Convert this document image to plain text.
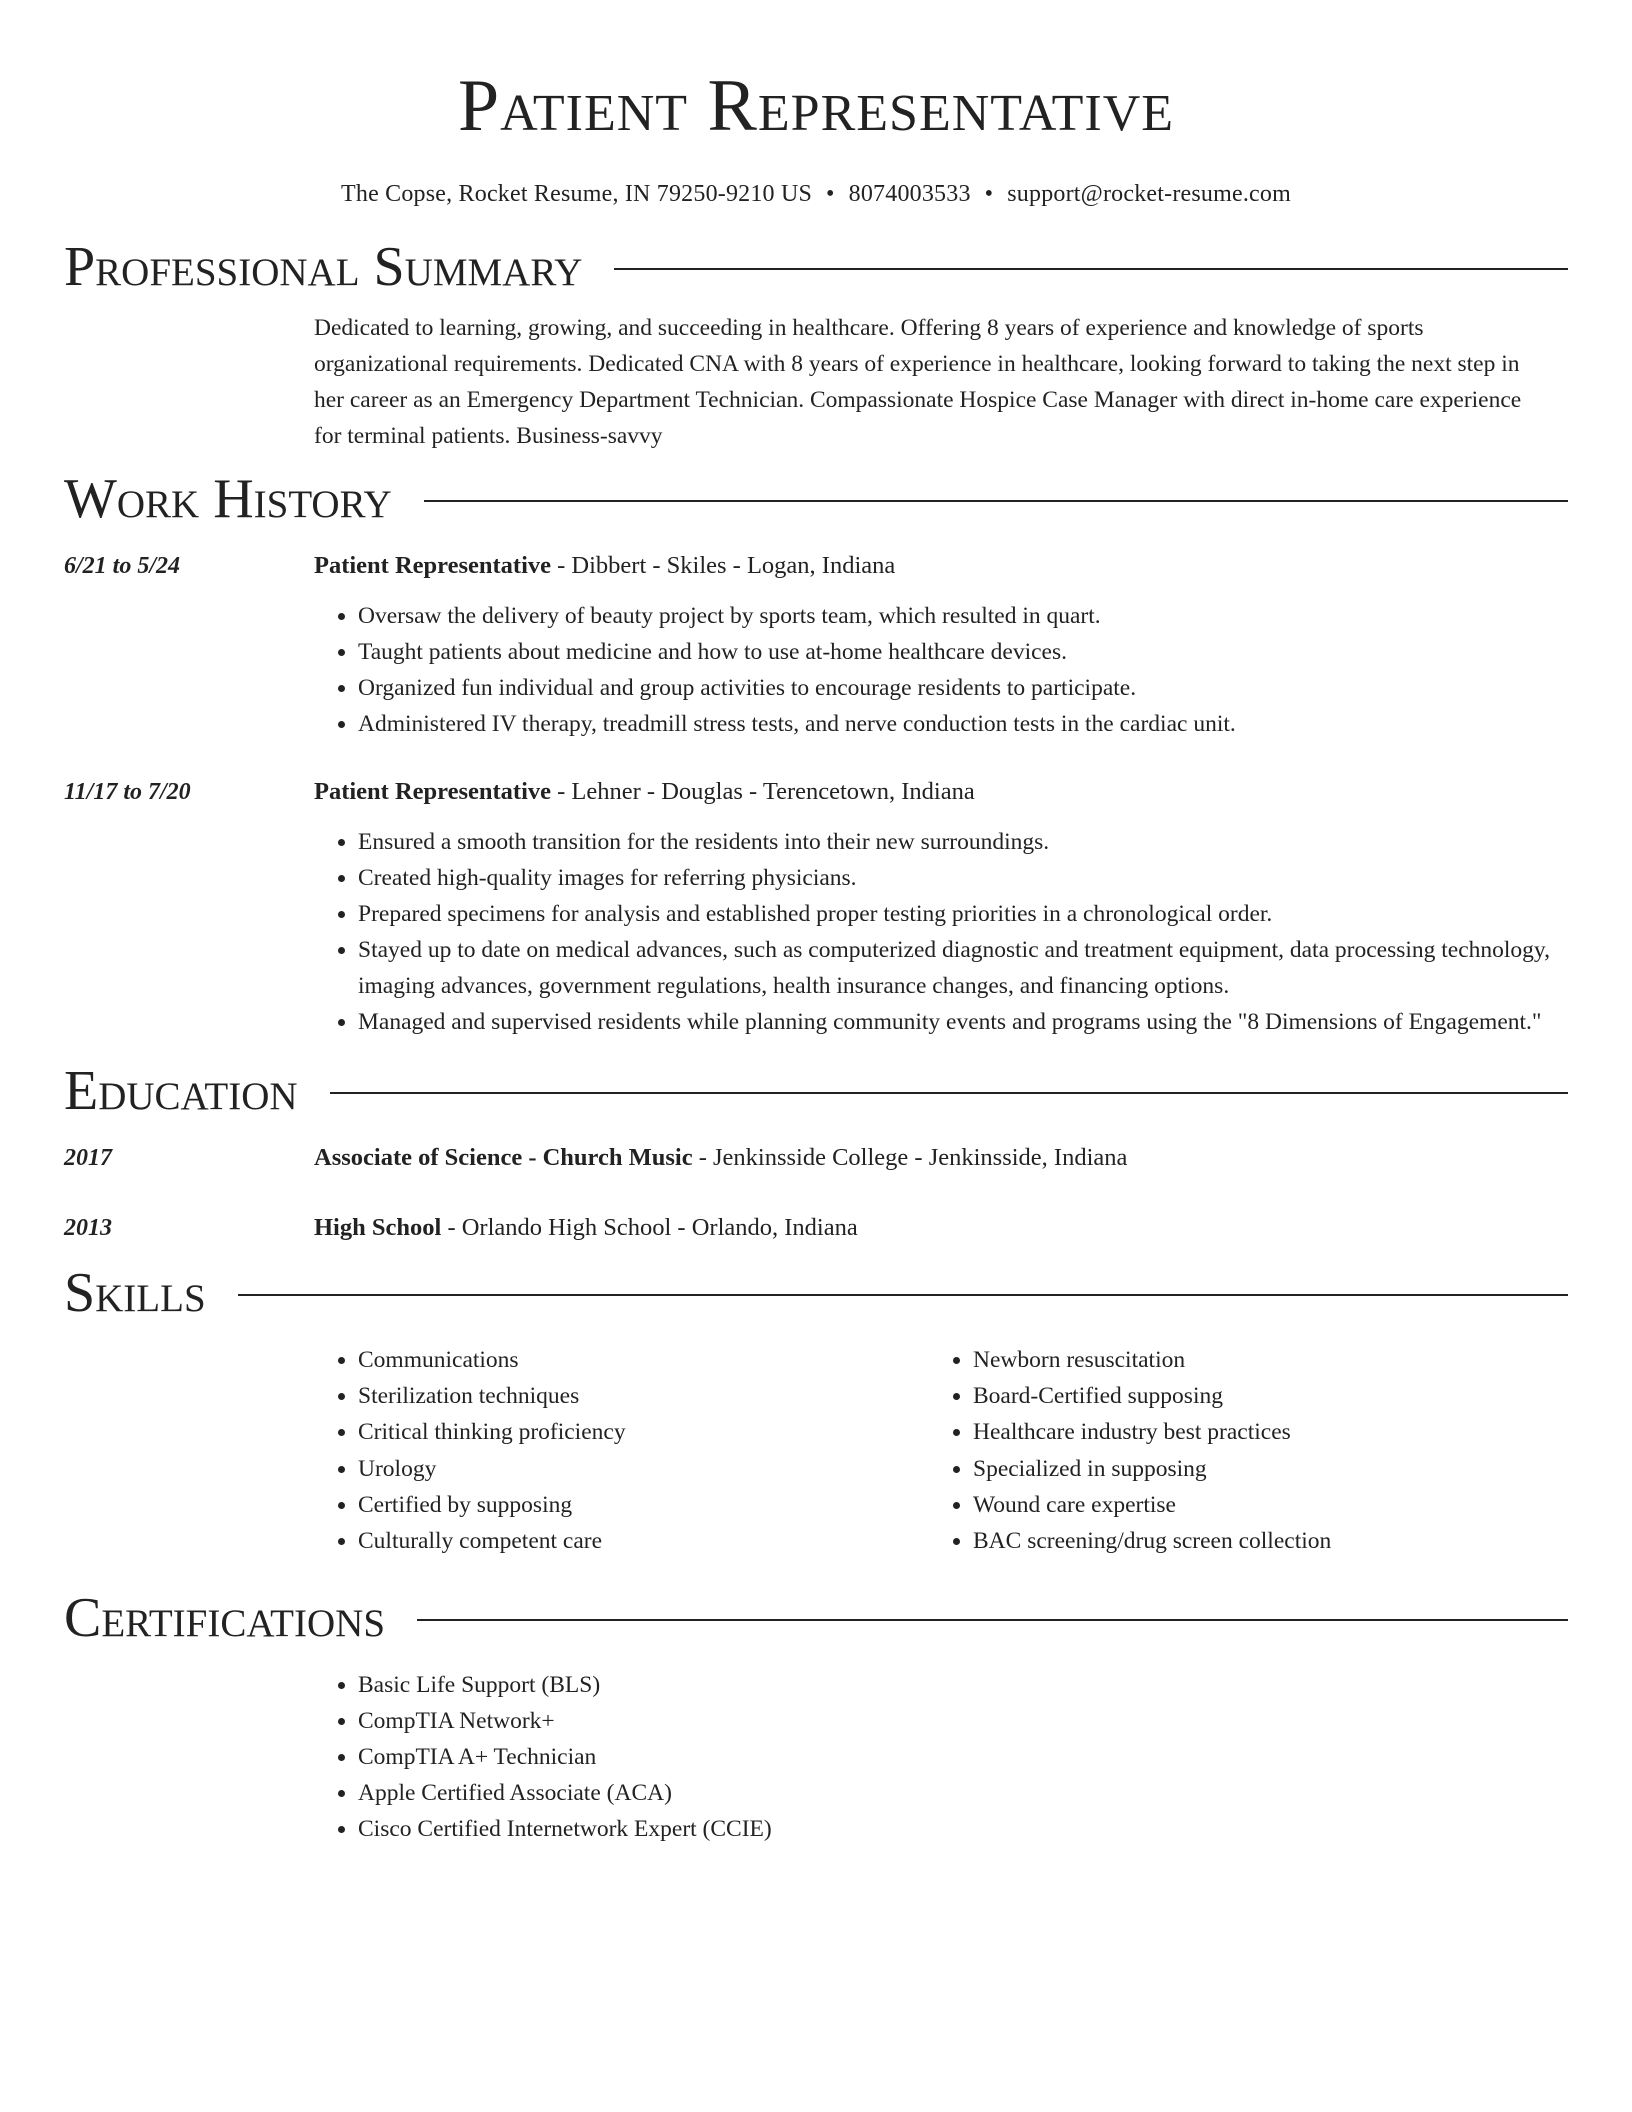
Patient Representative
The Copse, Rocket Resume, IN 79250-9210 US • 8074003533 • support@rocket-resume.com
Professional Summary
Dedicated to learning, growing, and succeeding in healthcare. Offering 8 years of experience and knowledge of sports organizational requirements. Dedicated CNA with 8 years of experience in healthcare, looking forward to taking the next step in her career as an Emergency Department Technician. Compassionate Hospice Case Manager with direct in-home care experience for terminal patients. Business-savvy
Work History
6/21 to 5/24	Patient Representative - Dibbert - Skiles - Logan, Indiana
• Oversaw the delivery of beauty project by sports team, which resulted in quart.
• Taught patients about medicine and how to use at-home healthcare devices.
• Organized fun individual and group activities to encourage residents to participate.
• Administered IV therapy, treadmill stress tests, and nerve conduction tests in the cardiac unit.
11/17 to 7/20	Patient Representative - Lehner - Douglas - Terencetown, Indiana
• Ensured a smooth transition for the residents into their new surroundings.
• Created high-quality images for referring physicians.
• Prepared specimens for analysis and established proper testing priorities in a chronological order.
• Stayed up to date on medical advances, such as computerized diagnostic and treatment equipment, data processing technology, imaging advances, government regulations, health insurance changes, and financing options.
• Managed and supervised residents while planning community events and programs using the "8 Dimensions of Engagement."
Education
2017	Associate of Science - Church Music - Jenkinsside College - Jenkinsside, Indiana
2013	High School - Orlando High School - Orlando, Indiana
Skills
• Communications
• Sterilization techniques
• Critical thinking proficiency
• Urology
• Certified by supposing
• Culturally competent care
• Newborn resuscitation
• Board-Certified supposing
• Healthcare industry best practices
• Specialized in supposing
• Wound care expertise
• BAC screening/drug screen collection
Certifications
• Basic Life Support (BLS)
• CompTIA Network+
• CompTIA A+ Technician
• Apple Certified Associate (ACA)
• Cisco Certified Internetwork Expert (CCIE)
